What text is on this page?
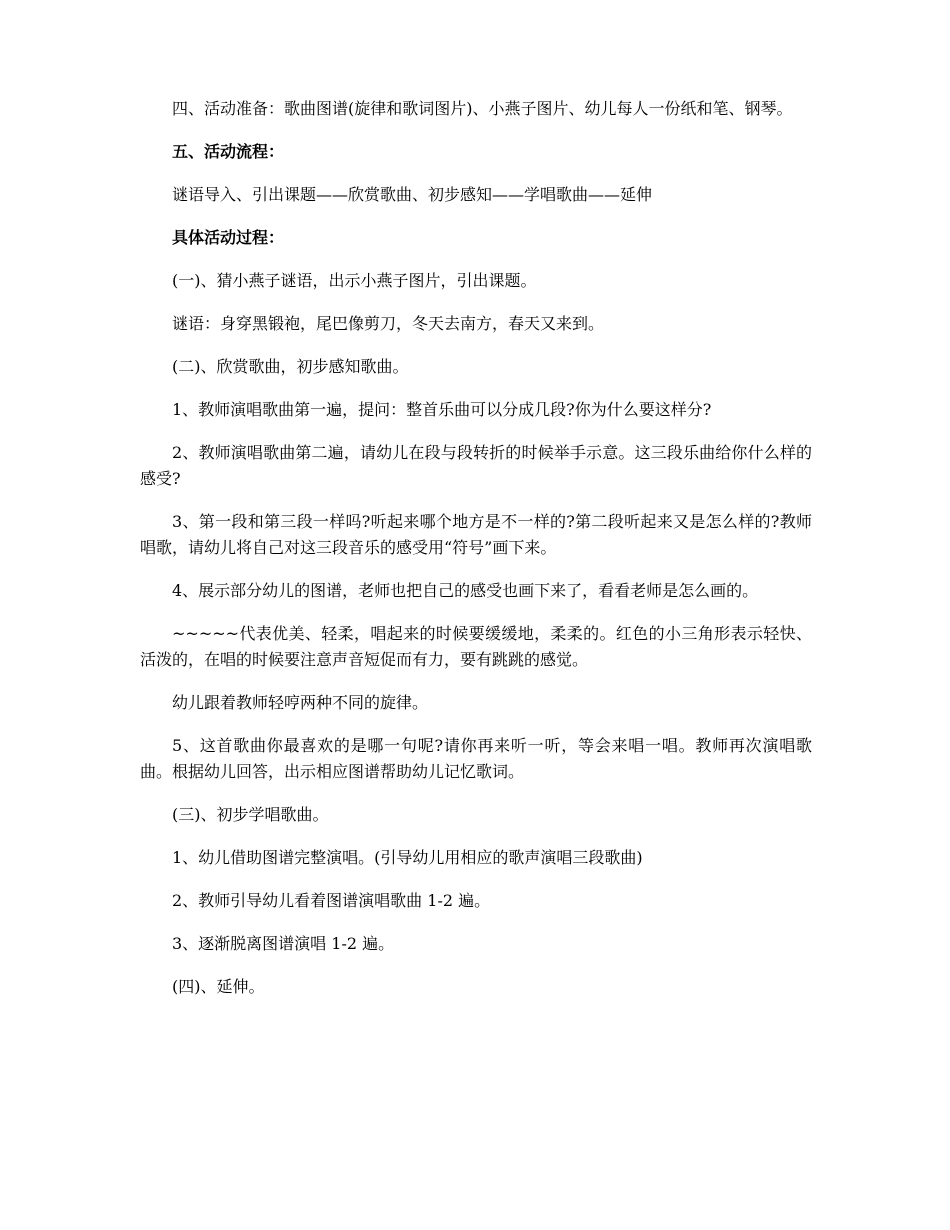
四、活动准备：歌曲图谱(旋律和歌词图片)、小燕子图片、幼儿每人一份纸和笔、钢琴。

五、活动流程：

谜语导入、引出课题——欣赏歌曲、初步感知——学唱歌曲——延伸

具体活动过程：

(一)、猜小燕子谜语，出示小燕子图片，引出课题。

谜语：身穿黑锻袍，尾巴像剪刀，冬天去南方，春天又来到。

(二)、欣赏歌曲，初步感知歌曲。

1、教师演唱歌曲第一遍，提问：整首乐曲可以分成几段?你为什么要这样分?

2、教师演唱歌曲第二遍，请幼儿在段与段转折的时候举手示意。这三段乐曲给你什么样的感受?

3、第一段和第三段一样吗?听起来哪个地方是不一样的?第二段听起来又是怎么样的?教师唱歌，请幼儿将自己对这三段音乐的感受用“符号”画下来。

4、展示部分幼儿的图谱，老师也把自己的感受也画下来了，看看老师是怎么画的。

~~~~~代表优美、轻柔，唱起来的时候要缓缓地，柔柔的。红色的小三角形表示轻快、活泼的，在唱的时候要注意声音短促而有力，要有跳跳的感觉。

幼儿跟着教师轻哼两种不同的旋律。

5、这首歌曲你最喜欢的是哪一句呢?请你再来听一听，等会来唱一唱。教师再次演唱歌曲。根据幼儿回答，出示相应图谱帮助幼儿记忆歌词。

(三)、初步学唱歌曲。

1、幼儿借助图谱完整演唱。(引导幼儿用相应的歌声演唱三段歌曲)

2、教师引导幼儿看着图谱演唱歌曲 1-2 遍。

3、逐渐脱离图谱演唱 1-2 遍。

(四)、延伸。
